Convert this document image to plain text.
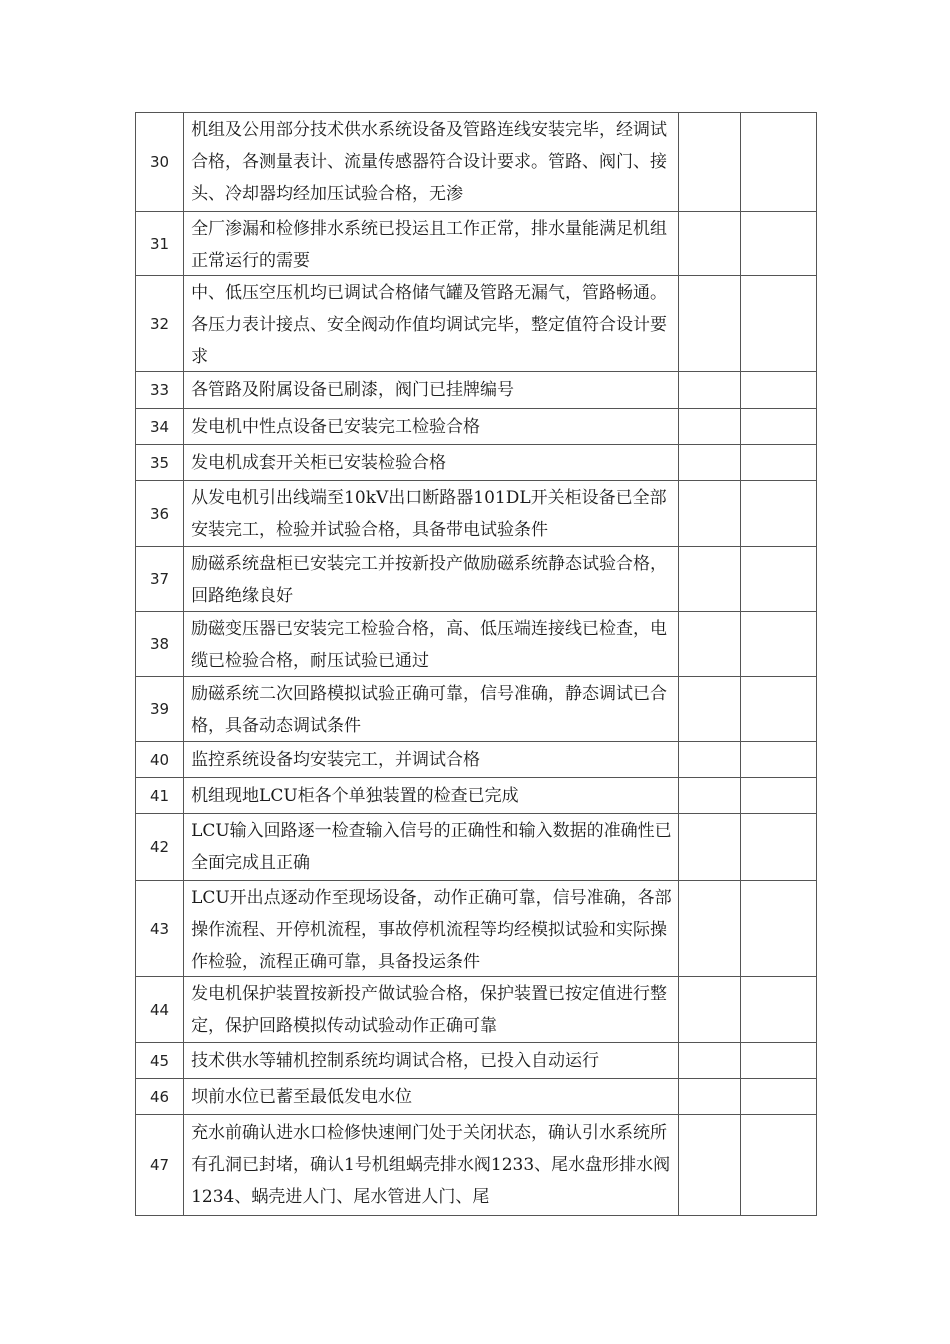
30	机组及公用部分技术供水系统设备及管路连线安装完毕，经调试合格，各测量表计、流量传感器符合设计要求。管路、阀门、接头、冷却器均经加压试验合格，无渗		

31	全厂渗漏和检修排水系统已投运且工作正常，排水量能满足机组正常运行的需要		

32	中、低压空压机均已调试合格储气罐及管路无漏气，管路畅通。各压力表计接点、安全阀动作值均调试完毕，整定值符合设计要求		

33	各管路及附属设备已刷漆，阀门已挂牌编号		

34	发电机中性点设备已安装完工检验合格		

35	发电机成套开关柜已安装检验合格		

36	从发电机引出线端至10kV出口断路器101DL开关柜设备已全部安装完工，检验并试验合格，具备带电试验条件		

37	励磁系统盘柜已安装完工并按新投产做励磁系统静态试验合格，回路绝缘良好		

38	励磁变压器已安装完工检验合格，高、低压端连接线已检查，电缆已检验合格，耐压试验已通过		

39	励磁系统二次回路模拟试验正确可靠，信号准确，静态调试已合格，具备动态调试条件		

40	监控系统设备均安装完工，并调试合格		

41	机组现地LCU柜各个单独装置的检查已完成		

42	LCU输入回路逐一检查输入信号的正确性和输入数据的准确性已全面完成且正确		

43	LCU开出点逐动作至现场设备，动作正确可靠，信号准确，各部操作流程、开停机流程，事故停机流程等均经模拟试验和实际操作检验，流程正确可靠，具备投运条件		

44	发电机保护装置按新投产做试验合格，保护装置已按定值进行整定，保护回路模拟传动试验动作正确可靠		

45	技术供水等辅机控制系统均调试合格，已投入自动运行		

46	坝前水位已蓄至最低发电水位		

47	充水前确认进水口检修快速闸门处于关闭状态，确认引水系统所有孔洞已封堵，确认1号机组蜗壳排水阀1233、尾水盘形排水阀1234、蜗壳进人门、尾水管进人门、尾		
